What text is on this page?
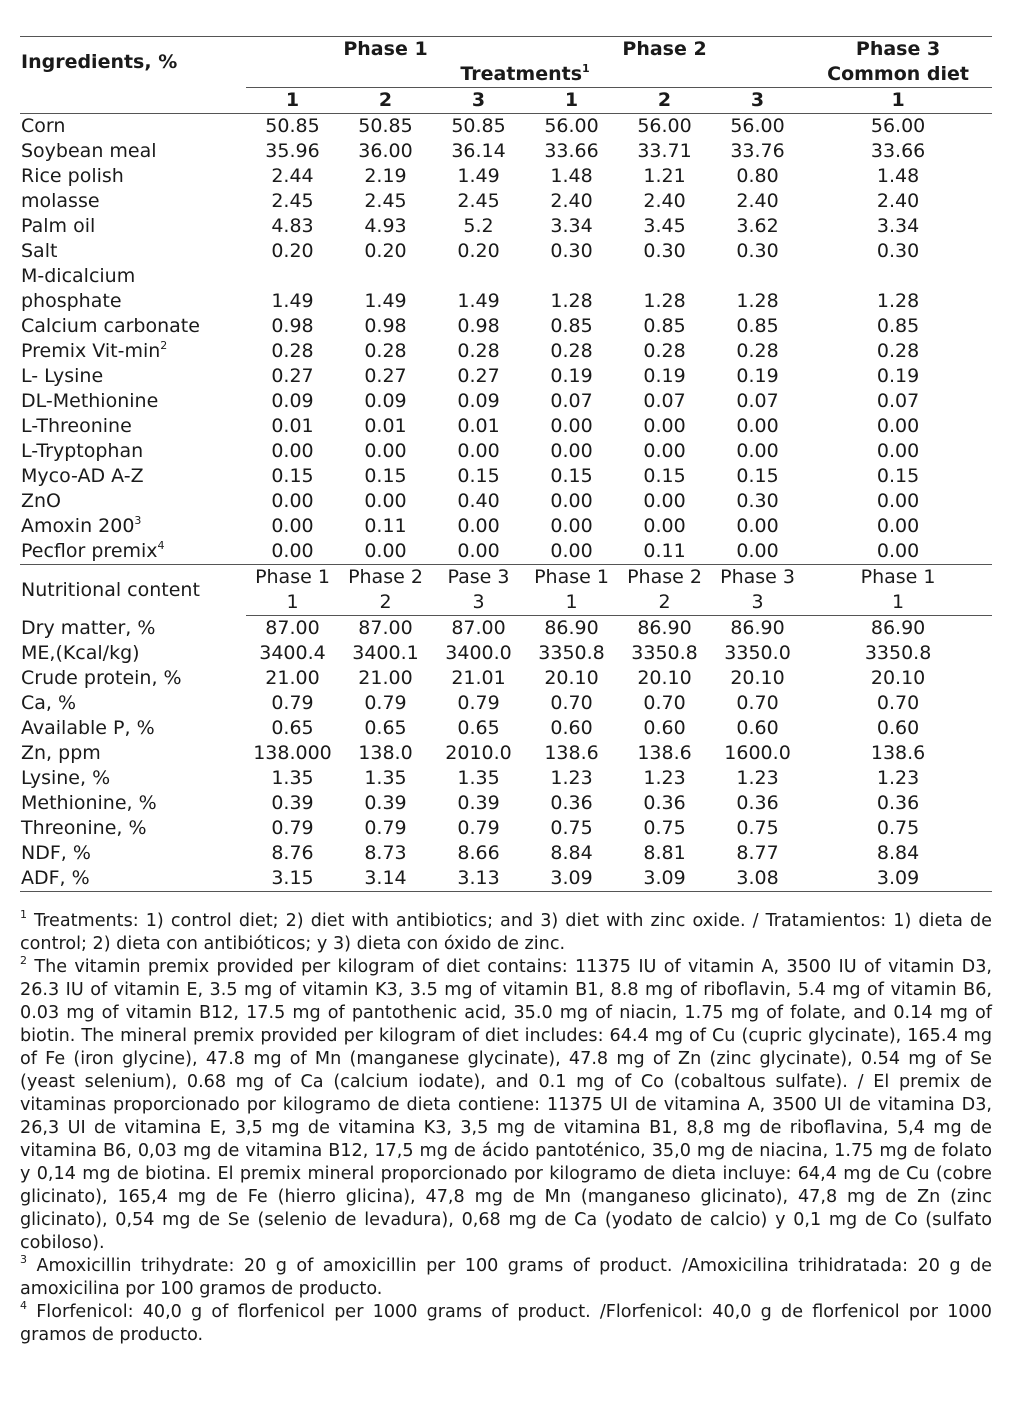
Ingredients, %	Phase 1			Phase 2			Phase 3
	Treatments$^1$						Common diet
	1	2	3	1	2	3	1
Corn	50.85	50.85	50.85	56.00	56.00	56.00	56.00
Soybean meal	35.96	36.00	36.14	33.66	33.71	33.76	33.66
Rice polish	2.44	2.19	1.49	1.48	1.21	0.80	1.48
molasse	2.45	2.45	2.45	2.40	2.40	2.40	2.40
Palm oil	4.83	4.93	5.2	3.34	3.45	3.62	3.34
Salt	0.20	0.20	0.20	0.30	0.30	0.30	0.30
M-dicalcium							
phosphate	1.49	1.49	1.49	1.28	1.28	1.28	1.28
Calcium carbonate	0.98	0.98	0.98	0.85	0.85	0.85	0.85
Premix Vit-$\min^2$	0.28	0.28	0.28	0.28	0.28	0.28	0.28
L- Lysine	0.27	0.27	0.27	0.19	0.19	0.19	0.19
DL-Methionine	0.09	0.09	0.09	0.07	0.07	0.07	0.07
L-Threonine	0.01	0.01	0.01	0.00	0.00	0.00	0.00
L-Tryptophan	0.00	0.00	0.00	0.00	0.00	0.00	0.00
Myco-AD A-Z	0.15	0.15	0.15	0.15	0.15	0.15	0.15
ZnO	0.00	0.00	0.40	0.00	0.00	0.30	0.00
Amoxin $200^3$	0.00	0.11	0.00	0.00	0.00	0.00	0.00
Pecflor premix$^4$	0.00	0.00	0.00	0.00	0.11	0.00	0.00
Nutritional content	Phase 1	Phase 2	Pase 3	Phase 1	Phase 2	Phase 3	Phase 1
	1	2	3	1	2	3	1
Dry matter, %	87.00	87.00	87.00	86.90	86.90	86.90	86.90
ME,(Kcal/kg)	3400.4	3400.1	3400.0	3350.8	3350.8	3350.0	3350.8
Crude protein, %	21.00	21.00	21.01	20.10	20.10	20.10	20.10
Ca, %	0.79	0.79	0.79	0.70	0.70	0.70	0.70
Available P, %	0.65	0.65	0.65	0.60	0.60	0.60	0.60
Zn, ppm	138.000	138.0	2010.0	138.6	138.6	1600.0	138.6
Lysine, %	1.35	1.35	1.35	1.23	1.23	1.23	1.23
Methionine, %	0.39	0.39	0.39	0.36	0.36	0.36	0.36
Threonine, %	0.79	0.79	0.79	0.75	0.75	0.75	0.75
NDF, %	8.76	8.73	8.66	8.84	8.81	8.77	8.84
ADF, %	3.15	3.14	3.13	3.09	3.09	3.08	3.09

$^1$ Treatments: 1) control diet; 2) diet with antibiotics; and 3) diet with zinc oxide. / Tratamientos: 1) dieta de control; 2) dieta con antibióticos; y 3) dieta con óxido de zinc.

$^2$ The vitamin premix provided per kilogram of diet contains: 11375 IU of vitamin A, 3500 IU of vitamin D3, 26.3 IU of vitamin E, 3.5 mg of vitamin K3, 3.5 mg of vitamin B1, 8.8 mg of riboflavin, 5.4 mg of vitamin B6, 0.03 mg of vitamin B12, 17.5 mg of pantothenic acid, 35.0 mg of niacin, 1.75 mg of folate, and 0.14 mg of biotin. The mineral premix provided per kilogram of diet includes: 64.4 mg of Cu (cupric glycinate), 165.4 mg of Fe (iron glycine), 47.8 mg of Mn (manganese glycinate), 47.8 mg of Zn (zinc glycinate), 0.54 mg of Se (yeast selenium), 0.68 mg of Ca (calcium iodate), and 0.1 mg of Co (cobaltous sulfate). / El premix de vitaminas proporcionado por kilogramo de dieta contiene: 11375 UI de vitamina A, 3500 UI de vitamina D3, 26,3 UI de vitamina E, 3,5 mg de vitamina K3, 3,5 mg de vitamina B1, 8,8 mg de riboflavina, 5,4 mg de vitamina B6, 0,03 mg de vitamina B12, 17,5 mg de ácido pantoténico, 35,0 mg de niacina, 1.75 mg de folato y 0,14 mg de biotina. El premix mineral proporcionado por kilogramo de dieta incluye: 64,4 mg de Cu (cobre glicinato), 165,4 mg de Fe (hierro glicina), 47,8 mg de Mn (manganeso glicinato), 47,8 mg de Zn (zinc glicinato), 0,54 mg de Se (selenio de levadura), 0,68 mg de Ca (yodato de calcio) y 0,1 mg de Co (sulfato cobiloso).

$^3$ Amoxicillin trihydrate: 20 g of amoxicillin per 100 grams of product. /Amoxicilina trihidratada: 20 g de amoxicilina por 100 gramos de producto.

$^4$ Florfenicol: 40,0 g of florfenicol per 1000 grams of product. /Florfenicol: 40,0 g de florfenicol por 1000 gramos de producto.
